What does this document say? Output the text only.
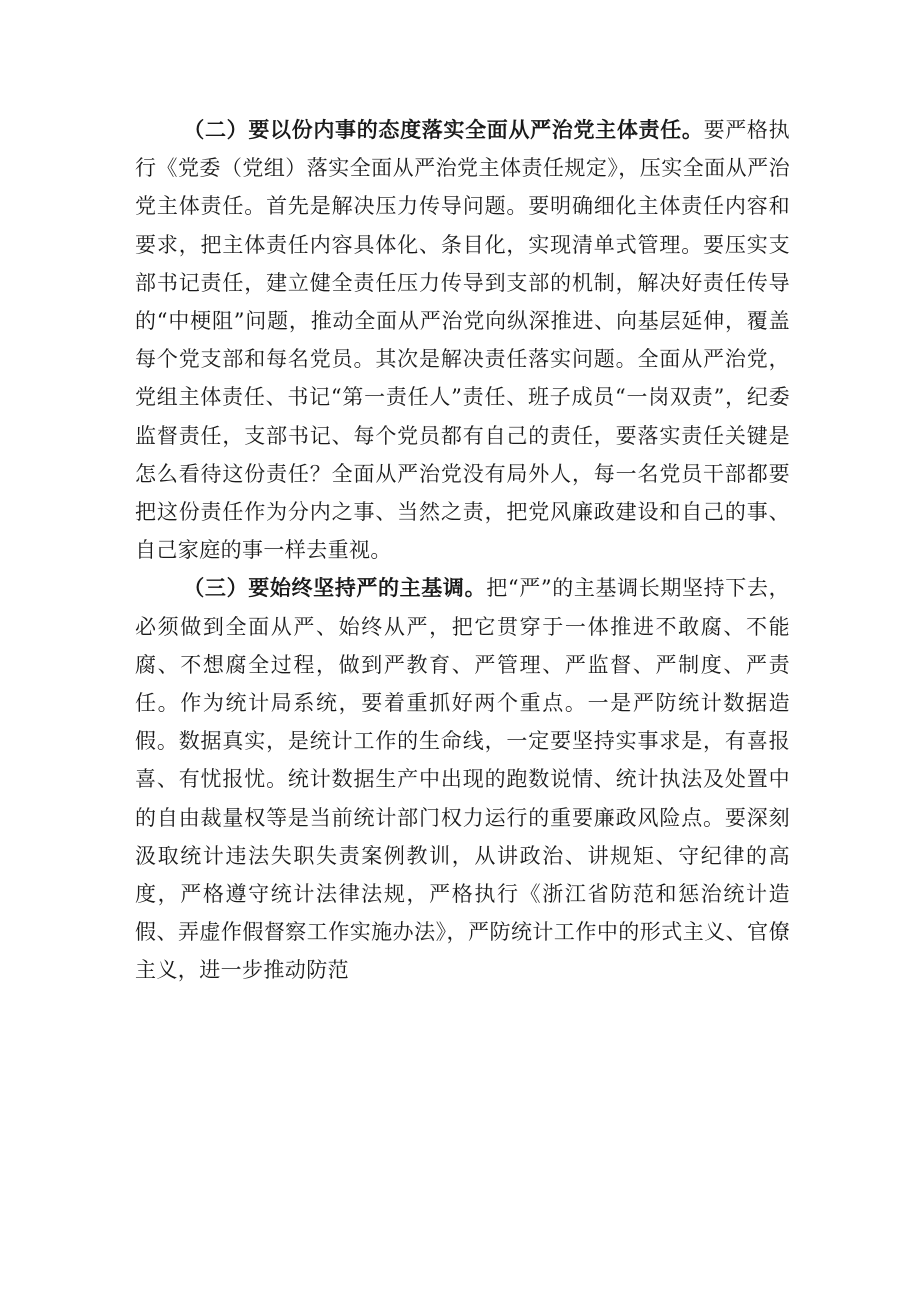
（二）要以份内事的态度落实全面从严治党主体责任。要严格执行《党委（党组）落实全面从严治党主体责任规定》，压实全面从严治党主体责任。首先是解决压力传导问题。要明确细化主体责任内容和要求，把主体责任内容具体化、条目化，实现清单式管理。要压实支部书记责任，建立健全责任压力传导到支部的机制，解决好责任传导的“中梗阻”问题，推动全面从严治党向纵深推进、向基层延伸，覆盖每个党支部和每名党员。其次是解决责任落实问题。全面从严治党，党组主体责任、书记“第一责任人”责任、班子成员“一岗双责”，纪委监督责任，支部书记、每个党员都有自己的责任，要落实责任关键是怎么看待这份责任？全面从严治党没有局外人，每一名党员干部都要把这份责任作为分内之事、当然之责，把党风廉政建设和自己的事、自己家庭的事一样去重视。

（三）要始终坚持严的主基调。把“严”的主基调长期坚持下去，必须做到全面从严、始终从严，把它贯穿于一体推进不敢腐、不能腐、不想腐全过程，做到严教育、严管理、严监督、严制度、严责任。作为统计局系统，要着重抓好两个重点。一是严防统计数据造假。数据真实，是统计工作的生命线，一定要坚持实事求是，有喜报喜、有忧报忧。统计数据生产中出现的跑数说情、统计执法及处置中的自由裁量权等是当前统计部门权力运行的重要廉政风险点。要深刻汲取统计违法失职失责案例教训，从讲政治、讲规矩、守纪律的高度，严格遵守统计法律法规，严格执行《浙江省防范和惩治统计造假、弄虚作假督察工作实施办法》，严防统计工作中的形式主义、官僚主义，进一步推动防范
